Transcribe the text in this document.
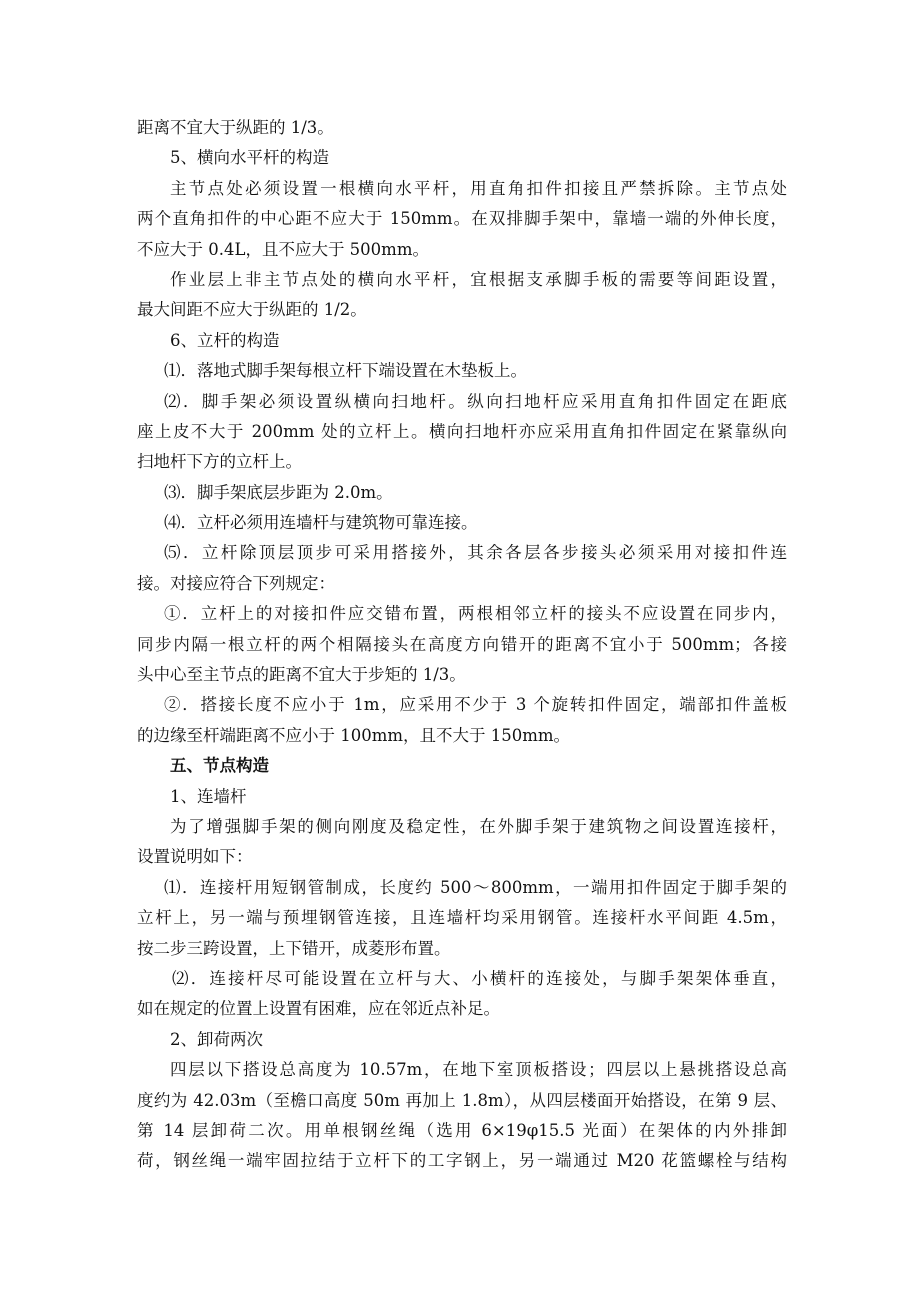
距离不宜大于纵距的 1/3。
5、横向水平杆的构造
主节点处必须设置一根横向水平杆，用直角扣件扣接且严禁拆除。主节点处
两个直角扣件的中心距不应大于 150mm。在双排脚手架中，靠墙一端的外伸长度，
不应大于 0.4L，且不应大于 500mm。
作业层上非主节点处的横向水平杆，宜根据支承脚手板的需要等间距设置，
最大间距不应大于纵距的 1/2。
6、立杆的构造
⑴．落地式脚手架每根立杆下端设置在木垫板上。
⑵．脚手架必须设置纵横向扫地杆。纵向扫地杆应采用直角扣件固定在距底
座上皮不大于 200mm 处的立杆上。横向扫地杆亦应采用直角扣件固定在紧靠纵向
扫地杆下方的立杆上。
⑶．脚手架底层步距为 2.0m。
⑷．立杆必须用连墙杆与建筑物可靠连接。
⑸．立杆除顶层顶步可采用搭接外，其余各层各步接头必须采用对接扣件连
接。对接应符合下列规定：
①．立杆上的对接扣件应交错布置，两根相邻立杆的接头不应设置在同步内，
同步内隔一根立杆的两个相隔接头在高度方向错开的距离不宜小于 500mm；各接
头中心至主节点的距离不宜大于步矩的 1/3。
②．搭接长度不应小于 1m，应采用不少于 3 个旋转扣件固定，端部扣件盖板
的边缘至杆端距离不应小于 100mm，且不大于 150mm。
五、节点构造
1、连墙杆
为了增强脚手架的侧向刚度及稳定性，在外脚手架于建筑物之间设置连接杆，
设置说明如下：
⑴．连接杆用短钢管制成，长度约 500～800mm，一端用扣件固定于脚手架的
立杆上，另一端与预埋钢管连接，且连墙杆均采用钢管。连接杆水平间距 4.5m，
按二步三跨设置，上下错开，成菱形布置。
⑵．连接杆尽可能设置在立杆与大、小横杆的连接处，与脚手架架体垂直，
如在规定的位置上设置有困难，应在邻近点补足。
2、卸荷两次
四层以下搭设总高度为 10.57m，在地下室顶板搭设；四层以上悬挑搭设总高
度约为 42.03m（至檐口高度 50m 再加上 1.8m），从四层楼面开始搭设，在第 9 层、
第 14 层卸荷二次。用单根钢丝绳（选用 6×19φ15.5 光面）在架体的内外排卸
荷，钢丝绳一端牢固拉结于立杆下的工字钢上，另一端通过 M20 花篮螺栓与结构
